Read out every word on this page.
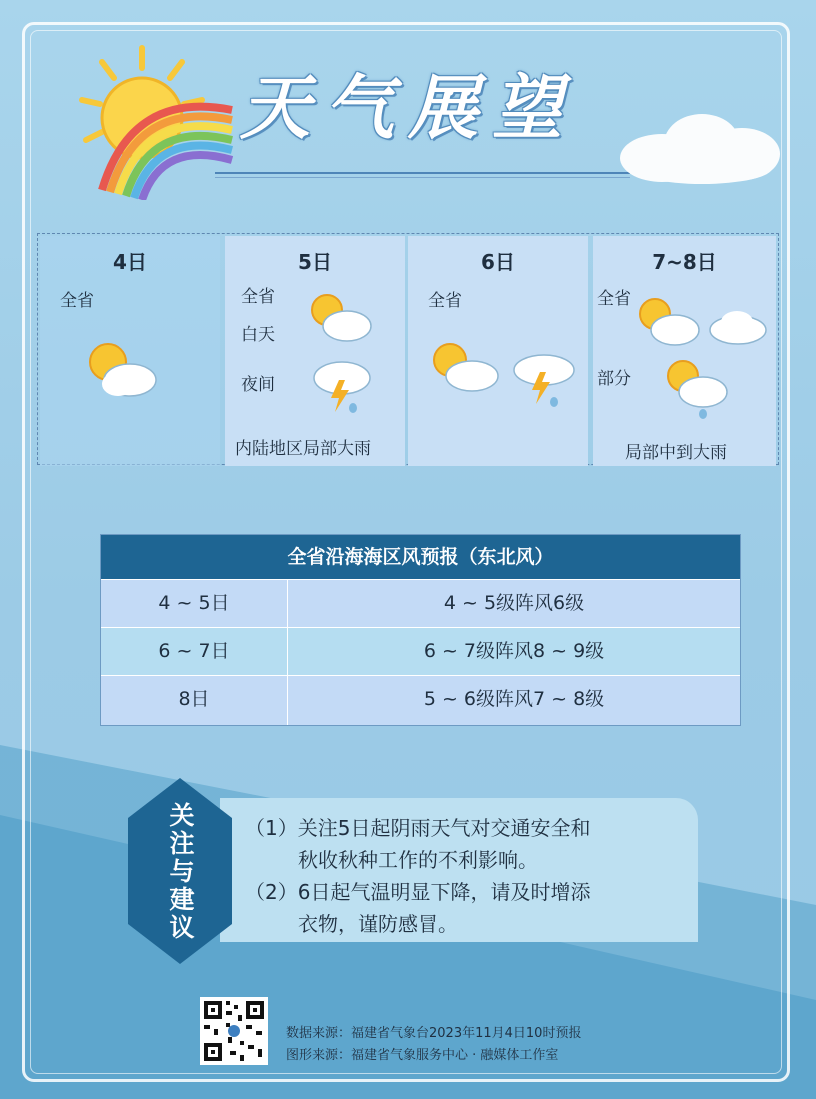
天气展望
4日
全省
5日
全省
白天
夜间
内陆地区局部大雨
6日
全省
7~8日
全省
部分
局部中到大雨
全省沿海海区风预报（东北风）
4 ~ 5日	4 ~ 5级阵风6级
6 ~ 7日	6 ~ 7级阵风8 ~ 9级
8日	5 ~ 6级阵风7 ~ 8级
关
注
与
建
议
（1）关注5日起阴雨天气对交通安全和
秋收秋种工作的不利影响。
（2）6日起气温明显下降，请及时增添
衣物，谨防感冒。
数据来源：福建省气象台2023年11月4日10时预报
图形来源：福建省气象服务中心 · 融媒体工作室
